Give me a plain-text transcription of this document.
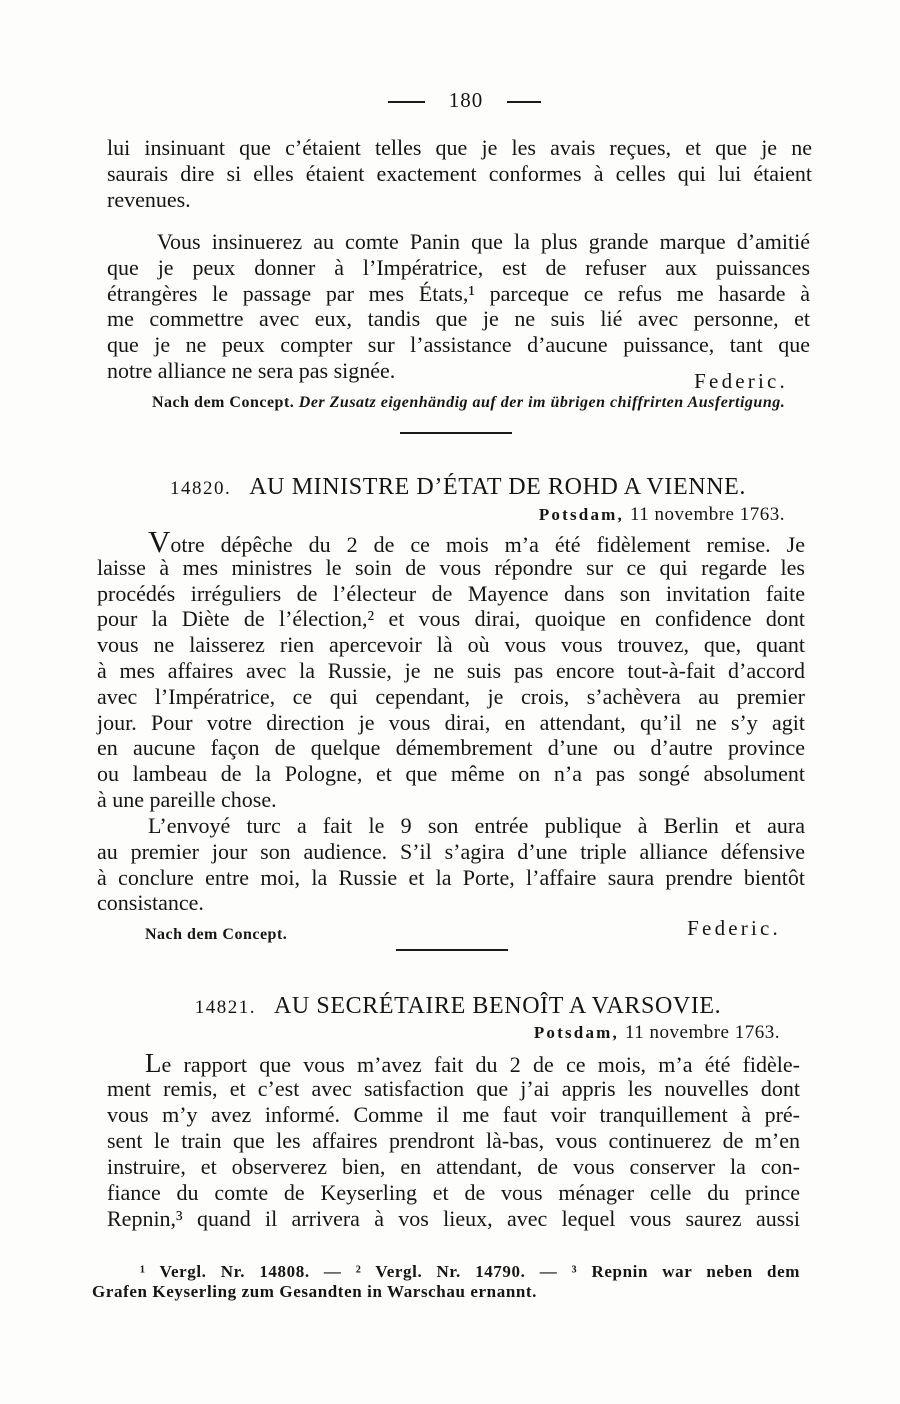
180
lui insinuant que c’étaient telles que je les avais reçues, et que je ne
saurais dire si elles étaient exactement conformes à celles qui lui étaient
revenues.
Vous insinuerez au comte Panin que la plus grande marque d’amitié
que je peux donner à l’Impératrice, est de refuser aux puissances
étrangères le passage par mes États,¹ parceque ce refus me hasarde à
me commettre avec eux, tandis que je ne suis lié avec personne, et
que je ne peux compter sur l’assistance d’aucune puissance, tant que
notre alliance ne sera pas signée.	Federic.
Nach dem Concept. Der Zusatz eigenhändig auf der im übrigen chiffrirten Ausfertigung.
14820. AU MINISTRE D’ÉTAT DE ROHD A VIENNE.
Potsdam, 11 novembre 1763.
Votre dépêche du 2 de ce mois m’a été fidèlement remise. Je
laisse à mes ministres le soin de vous répondre sur ce qui regarde les
procédés irréguliers de l’électeur de Mayence dans son invitation faite
pour la Diète de l’élection,² et vous dirai, quoique en confidence dont
vous ne laisserez rien apercevoir là où vous vous trouvez, que, quant
à mes affaires avec la Russie, je ne suis pas encore tout-à-fait d’accord
avec l’Impératrice, ce qui cependant, je crois, s’achèvera au premier
jour. Pour votre direction je vous dirai, en attendant, qu’il ne s’y agit
en aucune façon de quelque démembrement d’une ou d’autre province
ou lambeau de la Pologne, et que même on n’a pas songé absolument
à une pareille chose.
L’envoyé turc a fait le 9 son entrée publique à Berlin et aura
au premier jour son audience. S’il s’agira d’une triple alliance défensive
à conclure entre moi, la Russie et la Porte, l’affaire saura prendre bientôt
consistance.
Nach dem Concept.	Federic.
14821. AU SECRÉTAIRE BENOÎT A VARSOVIE.
Potsdam, 11 novembre 1763.
Le rapport que vous m’avez fait du 2 de ce mois, m’a été fidèle-
ment remis, et c’est avec satisfaction que j’ai appris les nouvelles dont
vous m’y avez informé. Comme il me faut voir tranquillement à pré-
sent le train que les affaires prendront là-bas, vous continuerez de m’en
instruire, et observerez bien, en attendant, de vous conserver la con-
fiance du comte de Keyserling et de vous ménager celle du prince
Repnin,³ quand il arrivera à vos lieux, avec lequel vous saurez aussi
¹ Vergl. Nr. 14808. — ² Vergl. Nr. 14790. — ³ Repnin war neben dem
Grafen Keyserling zum Gesandten in Warschau ernannt.
